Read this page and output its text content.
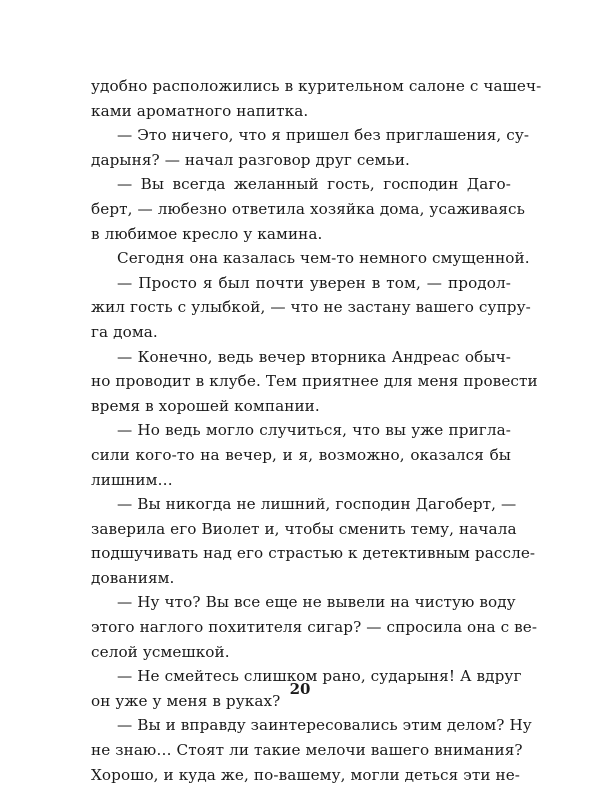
удобно расположились в курительном салоне с чашеч-
ками ароматного напитка.
— Это ничего, что я пришел без приглашения, су-
дарыня? — начал разговор друг семьи.
— Вы всегда желанный гость, господин Даго-
берт, — любезно ответила хозяйка дома, усаживаясь
в любимое кресло у камина.
Сегодня она казалась чем-то немного смущенной.
— Просто я был почти уверен в том, — продол-
жил гость с улыбкой, — что не застану вашего супру-
га дома.
— Конечно, ведь вечер вторника Андреас обыч-
но проводит в клубе. Тем приятнее для меня провести
время в хорошей компании.
— Но ведь могло случиться, что вы уже пригла-
сили кого-то на вечер, и я, возможно, оказался бы
лишним…
— Вы никогда не лишний, господин Дагоберт, —
заверила его Виолет и, чтобы сменить тему, начала
подшучивать над его страстью к детективным рассле-
дованиям.
— Ну что? Вы все еще не вывели на чистую воду
этого наглого похитителя сигар? — спросила она с ве-
селой усмешкой.
— Не смейтесь слишком рано, сударыня! А вдруг
он уже у меня в руках?
— Вы и вправду заинтересовались этим делом? Ну
не знаю… Стоят ли такие мелочи вашего внимания?
Хорошо, и куда же, по-вашему, могли деться эти не-
20
